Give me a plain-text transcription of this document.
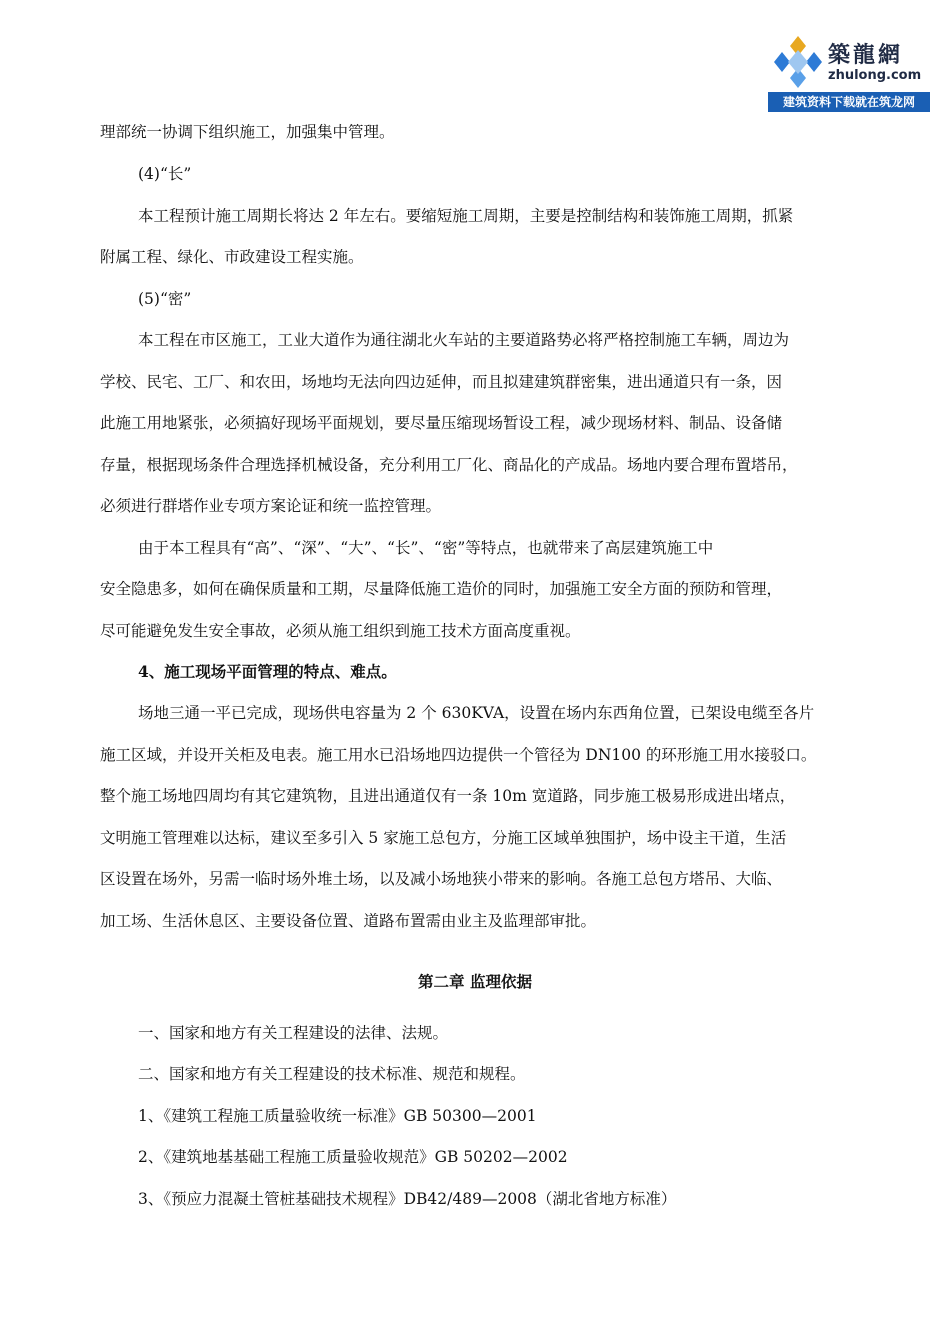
築龍網
zhulong.com
建筑资料下载就在筑龙网
理部统一协调下组织施工，加强集中管理。
(4)“长”
本工程预计施工周期长将达 2 年左右。要缩短施工周期，主要是控制结构和装饰施工周期，抓紧
附属工程、绿化、市政建设工程实施。
(5)“密”
本工程在市区施工，工业大道作为通往湖北火车站的主要道路势必将严格控制施工车辆，周边为
学校、民宅、工厂、和农田，场地均无法向四边延伸，而且拟建建筑群密集，进出通道只有一条，因
此施工用地紧张，必须搞好现场平面规划，要尽量压缩现场暂设工程，减少现场材料、制品、设备储
存量，根据现场条件合理选择机械设备，充分利用工厂化、商品化的产成品。场地内要合理布置塔吊，
必须进行群塔作业专项方案论证和统一监控管理。
由于本工程具有“高”、“深”、“大”、“长”、“密”等特点，也就带来了高层建筑施工中
安全隐患多，如何在确保质量和工期，尽量降低施工造价的同时，加强施工安全方面的预防和管理，
尽可能避免发生安全事故，必须从施工组织到施工技术方面高度重视。
4、施工现场平面管理的特点、难点。
场地三通一平已完成，现场供电容量为 2 个 630KVA，设置在场内东西角位置，已架设电缆至各片
施工区域，并设开关柜及电表。施工用水已沿场地四边提供一个管径为 DN100 的环形施工用水接驳口。
整个施工场地四周均有其它建筑物，且进出通道仅有一条 10m 宽道路，同步施工极易形成进出堵点，
文明施工管理难以达标，建议至多引入 5 家施工总包方，分施工区域单独围护，场中设主干道，生活
区设置在场外，另需一临时场外堆土场，以及减小场地狭小带来的影响。各施工总包方塔吊、大临、
加工场、生活休息区、主要设备位置、道路布置需由业主及监理部审批。
第二章 监理依据
一、国家和地方有关工程建设的法律、法规。
二、国家和地方有关工程建设的技术标准、规范和规程。
1、《建筑工程施工质量验收统一标准》GB 50300—2001
2、《建筑地基基础工程施工质量验收规范》GB 50202—2002
3、《预应力混凝土管桩基础技术规程》DB42/489—2008（湖北省地方标准）
